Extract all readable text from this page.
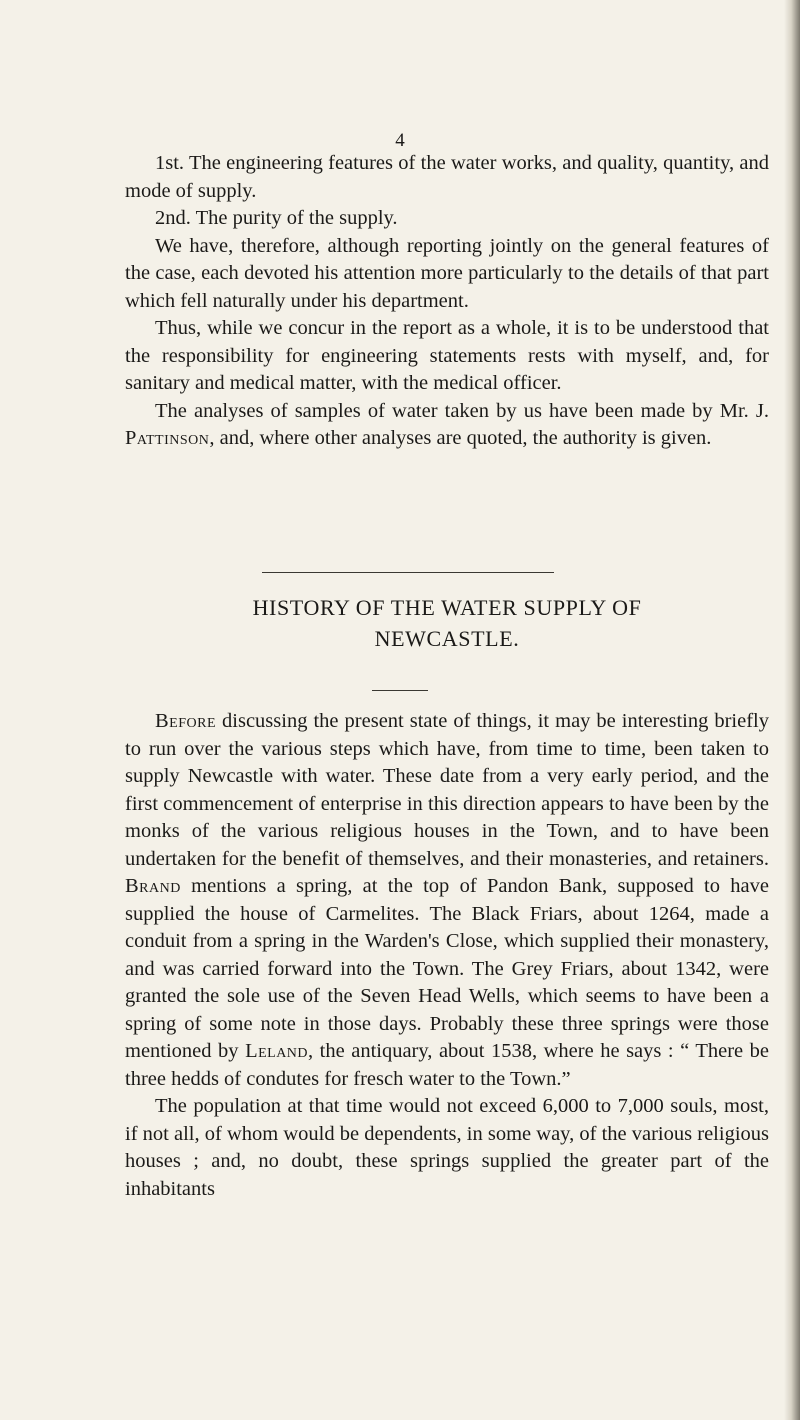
4

1st. The engineering features of the water works, and quality, quantity, and mode of supply.

2nd. The purity of the supply.

We have, therefore, although reporting jointly on the general features of the case, each devoted his attention more particularly to the details of that part which fell naturally under his department.

Thus, while we concur in the report as a whole, it is to be understood that the responsibility for engineering statements rests with myself, and, for sanitary and medical matter, with the medical officer.

The analyses of samples of water taken by us have been made by Mr. J. Pattinson, and, where other analyses are quoted, the authority is given.

HISTORY OF THE WATER SUPPLY OF
NEWCASTLE.

Before discussing the present state of things, it may be interesting briefly to run over the various steps which have, from time to time, been taken to supply Newcastle with water. These date from a very early period, and the first commencement of enterprise in this direction appears to have been by the monks of the various religious houses in the Town, and to have been undertaken for the benefit of themselves, and their monasteries, and retainers. Brand mentions a spring, at the top of Pandon Bank, supposed to have supplied the house of Carmelites. The Black Friars, about 1264, made a conduit from a spring in the Warden's Close, which supplied their monastery, and was carried forward into the Town. The Grey Friars, about 1342, were granted the sole use of the Seven Head Wells, which seems to have been a spring of some note in those days. Probably these three springs were those mentioned by Leland, the antiquary, about 1538, where he says : “ There be three hedds of condutes for fresch water to the Town.”

The population at that time would not exceed 6,000 to 7,000 souls, most, if not all, of whom would be dependents, in some way, of the various religious houses ; and, no doubt, these springs supplied the greater part of the inhabitants
